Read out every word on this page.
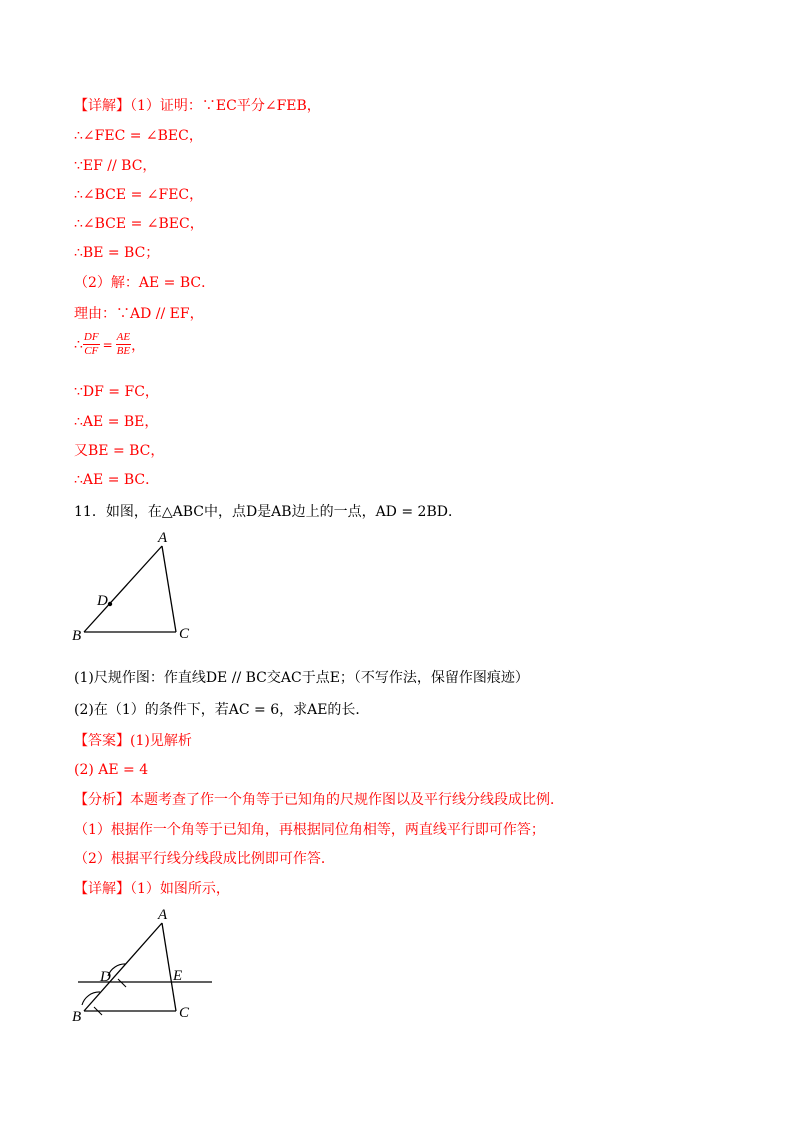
【详解】（1）证明：∵EC平分∠FEB，
∴∠FEC = ∠BEC，
∵EF // BC，
∴∠BCE = ∠FEC，
∴∠BCE = ∠BEC，
∴BE = BC；
（2）解：AE = BC．
理由：∵AD // EF，
∴ $\frac{DF}{CF} = \frac{AE}{BE}$ ，
∵DF = FC，
∴AE = BE，
又BE = BC，
∴AE = BC．
11．如图，在△ABC中，点D是AB边上的一点，AD = 2BD．
A
B	C
D
(1)尺规作图：作直线DE // BC交AC于点E；（不写作法，保留作图痕迹）
(2)在（1）的条件下，若AC = 6，求AE的长．
【答案】(1)见解析
(2) AE = 4
【分析】本题考查了作一个角等于已知角的尺规作图以及平行线分线段成比例．
（1）根据作一个角等于已知角，再根据同位角相等，两直线平行即可作答；
（2）根据平行线分线段成比例即可作答．
【详解】（1）如图所示，
A
B	C
D	E
